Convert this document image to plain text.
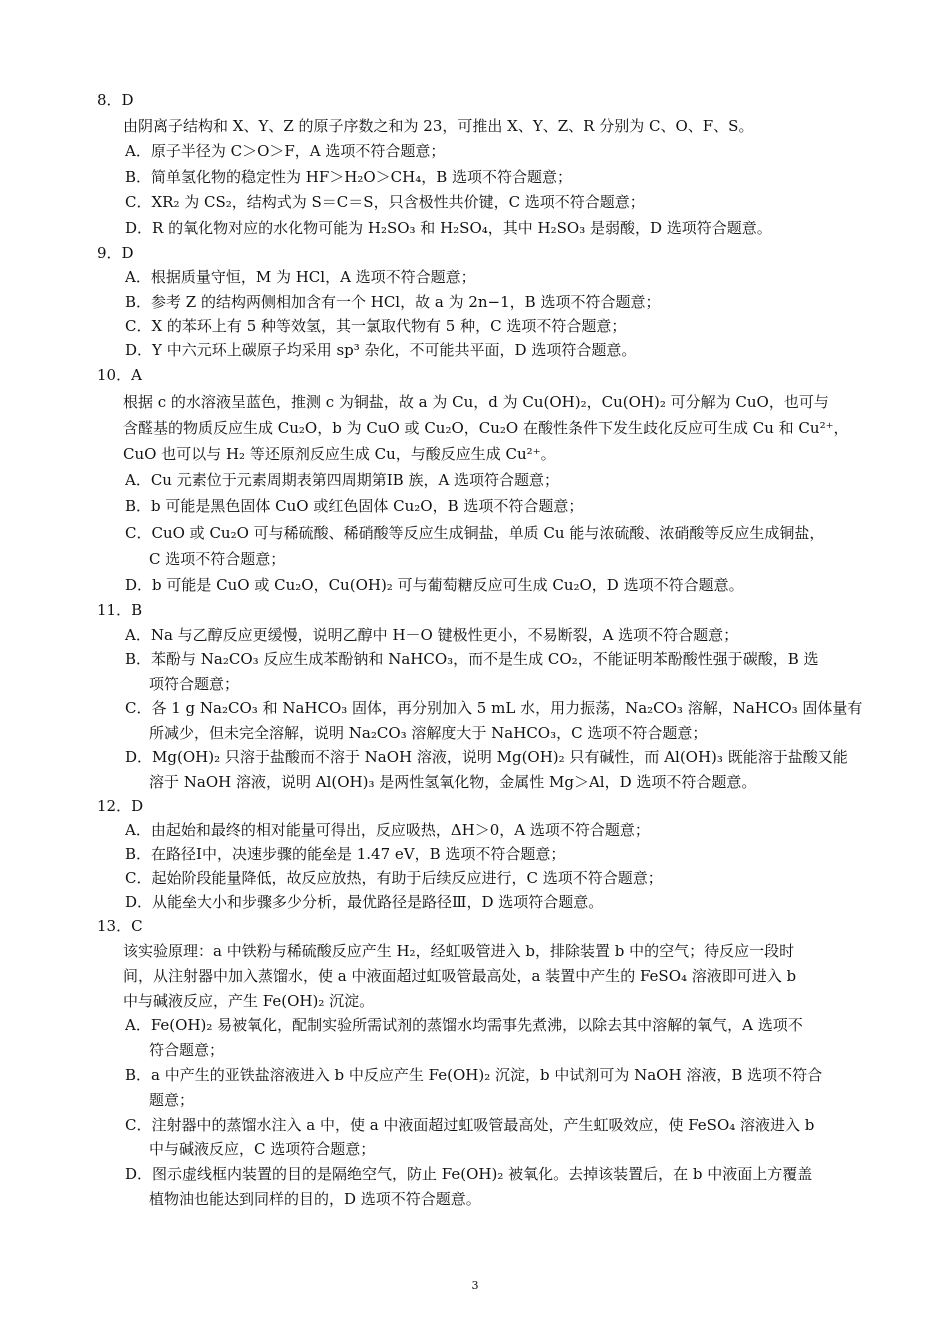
8．D
由阴离子结构和 X、Y、Z 的原子序数之和为 23，可推出 X、Y、Z、R 分别为 C、O、F、S。
A．原子半径为 C＞O＞F，A 选项不符合题意；
B．简单氢化物的稳定性为 HF＞H₂O＞CH₄，B 选项不符合题意；
C．XR₂ 为 CS₂，结构式为 S＝C＝S，只含极性共价键，C 选项不符合题意；
D．R 的氧化物对应的水化物可能为 H₂SO₃ 和 H₂SO₄，其中 H₂SO₃ 是弱酸，D 选项符合题意。
9．D
A．根据质量守恒，M 为 HCl，A 选项不符合题意；
B．参考 Z 的结构两侧相加含有一个 HCl，故 a 为 2n−1，B 选项不符合题意；
C．X 的苯环上有 5 种等效氢，其一氯取代物有 5 种，C 选项不符合题意；
D．Y 中六元环上碳原子均采用 sp³ 杂化，不可能共平面，D 选项符合题意。
10．A
根据 c 的水溶液呈蓝色，推测 c 为铜盐，故 a 为 Cu，d 为 Cu(OH)₂，Cu(OH)₂ 可分解为 CuO，也可与
含醛基的物质反应生成 Cu₂O，b 为 CuO 或 Cu₂O，Cu₂O 在酸性条件下发生歧化反应可生成 Cu 和 Cu²⁺，
CuO 也可以与 H₂ 等还原剂反应生成 Cu，与酸反应生成 Cu²⁺。
A．Cu 元素位于元素周期表第四周期第ⅠB 族，A 选项符合题意；
B．b 可能是黑色固体 CuO 或红色固体 Cu₂O，B 选项不符合题意；
C．CuO 或 Cu₂O 可与稀硫酸、稀硝酸等反应生成铜盐，单质 Cu 能与浓硫酸、浓硝酸等反应生成铜盐，
C 选项不符合题意；
D．b 可能是 CuO 或 Cu₂O，Cu(OH)₂ 可与葡萄糖反应可生成 Cu₂O，D 选项不符合题意。
11．B
A．Na 与乙醇反应更缓慢，说明乙醇中 H－O 键极性更小，不易断裂，A 选项不符合题意；
B．苯酚与 Na₂CO₃ 反应生成苯酚钠和 NaHCO₃，而不是生成 CO₂，不能证明苯酚酸性强于碳酸，B 选
项符合题意；
C．各 1 g Na₂CO₃ 和 NaHCO₃ 固体，再分别加入 5 mL 水，用力振荡，Na₂CO₃ 溶解，NaHCO₃ 固体量有
所减少，但未完全溶解，说明 Na₂CO₃ 溶解度大于 NaHCO₃，C 选项不符合题意；
D．Mg(OH)₂ 只溶于盐酸而不溶于 NaOH 溶液，说明 Mg(OH)₂ 只有碱性，而 Al(OH)₃ 既能溶于盐酸又能
溶于 NaOH 溶液，说明 Al(OH)₃ 是两性氢氧化物，金属性 Mg＞Al，D 选项不符合题意。
12．D
A．由起始和最终的相对能量可得出，反应吸热，ΔH＞0，A 选项不符合题意；
B．在路径Ⅰ中，决速步骤的能垒是 1.47 eV，B 选项不符合题意；
C．起始阶段能量降低，故反应放热，有助于后续反应进行，C 选项不符合题意；
D．从能垒大小和步骤多少分析，最优路径是路径Ⅲ，D 选项符合题意。
13．C
该实验原理：a 中铁粉与稀硫酸反应产生 H₂，经虹吸管进入 b，排除装置 b 中的空气；待反应一段时
间，从注射器中加入蒸馏水，使 a 中液面超过虹吸管最高处，a 装置中产生的 FeSO₄ 溶液即可进入 b
中与碱液反应，产生 Fe(OH)₂ 沉淀。
A．Fe(OH)₂ 易被氧化，配制实验所需试剂的蒸馏水均需事先煮沸，以除去其中溶解的氧气，A 选项不
符合题意；
B．a 中产生的亚铁盐溶液进入 b 中反应产生 Fe(OH)₂ 沉淀，b 中试剂可为 NaOH 溶液，B 选项不符合
题意；
C．注射器中的蒸馏水注入 a 中，使 a 中液面超过虹吸管最高处，产生虹吸效应，使 FeSO₄ 溶液进入 b
中与碱液反应，C 选项符合题意；
D．图示虚线框内装置的目的是隔绝空气，防止 Fe(OH)₂ 被氧化。去掉该装置后，在 b 中液面上方覆盖
植物油也能达到同样的目的，D 选项不符合题意。
3
